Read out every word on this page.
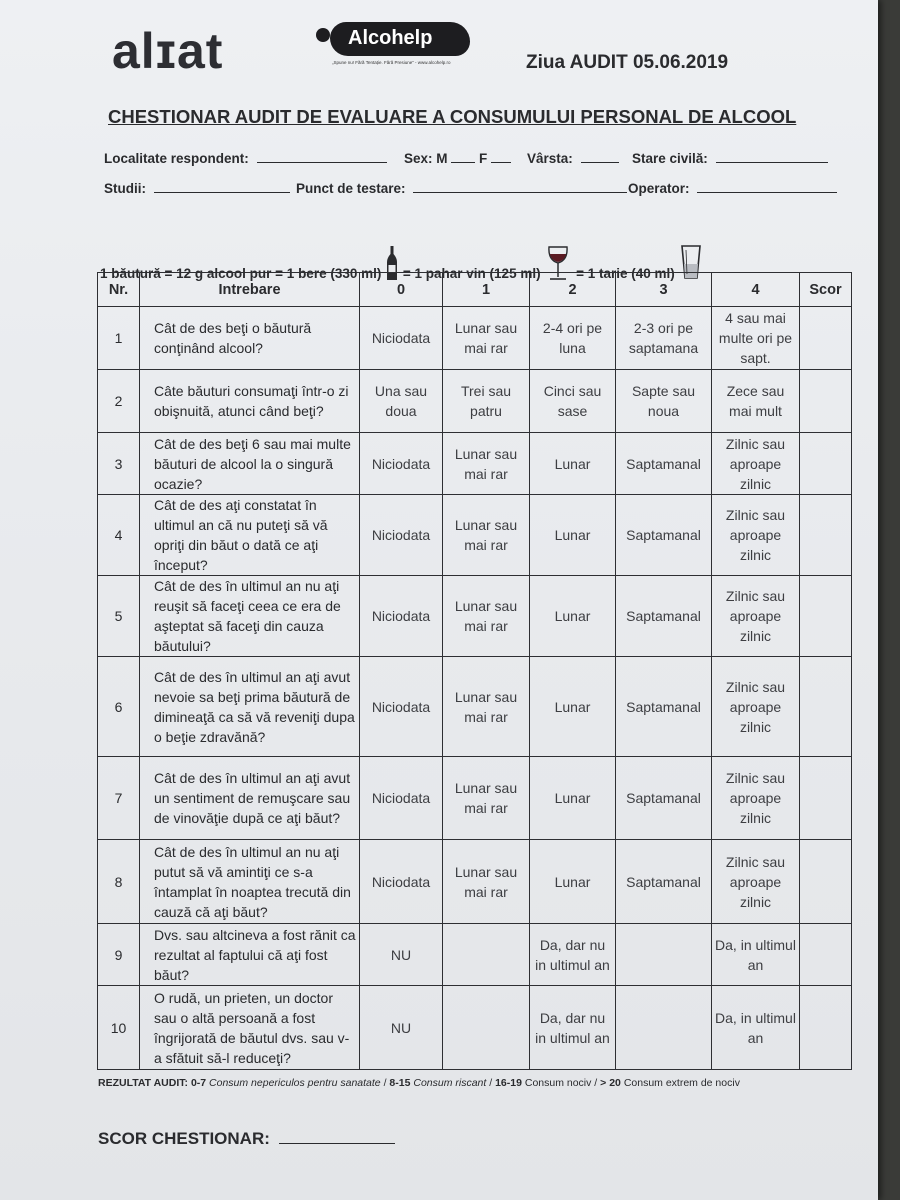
alɪat	Alcohelp
„Spune nu! Fără Tentație. Fără Presiune“ - www.alcohelp.ro	Ziua AUDIT 05.06.2019
CHESTIONAR AUDIT DE EVALUARE A CONSUMULUI PERSONAL DE ALCOOL
Localitate respondent:	Sex: M F	Vârsta:	Stare civilă:
Studii:	Punct de testare:	Operator:
1 băutură = 12 g alcool pur = 1 bere (330 ml) = 1 pahar vin (125 ml)	= 1 tarie (40 ml)
Nr.	Intrebare	0	1	2	3	4	Scor
1	Cât de des beţi o băutură conţinând alcool?	Niciodata	Lunar sau mai rar	2-4 ori pe luna	2-3 ori pe saptamana	4 sau mai multe ori pe sapt.	
2	Câte băuturi consumaţi într-o zi obişnuită, atunci când beţi?	Una sau doua	Trei sau patru	Cinci sau sase	Sapte sau noua	Zece sau mai mult	
3	Cât de des beţi 6 sau mai multe băuturi de alcool la o singură ocazie?	Niciodata	Lunar sau mai rar	Lunar	Saptamanal	Zilnic sau aproape zilnic	
4	Cât de des aţi constatat în ultimul an că nu puteţi să vă opriţi din băut o dată ce aţi început?	Niciodata	Lunar sau mai rar	Lunar	Saptamanal	Zilnic sau aproape zilnic	
5	Cât de des în ultimul an nu aţi reuşit să faceţi ceea ce era de aşteptat să faceţi din cauza băutului?	Niciodata	Lunar sau mai rar	Lunar	Saptamanal	Zilnic sau aproape zilnic	
6	Cât de des în ultimul an aţi avut nevoie sa beţi prima băutură de dimineaţă ca să vă reveniţi dupa o beţie zdravănă?	Niciodata	Lunar sau mai rar	Lunar	Saptamanal	Zilnic sau aproape zilnic	
7	Cât de des în ultimul an aţi avut un sentiment de remuşcare sau de vinovăţie după ce aţi băut?	Niciodata	Lunar sau mai rar	Lunar	Saptamanal	Zilnic sau aproape zilnic	
8	Cât de des în ultimul an nu aţi putut să vă amintiţi ce s-a întamplat în noaptea trecută din cauză că aţi băut?	Niciodata	Lunar sau mai rar	Lunar	Saptamanal	Zilnic sau aproape zilnic	
9	Dvs. sau altcineva a fost rănit ca rezultat al faptului că aţi fost băut?	NU		Da, dar nu in ultimul an		Da, in ultimul an	
10	O rudă, un prieten, un doctor sau o altă persoană a fost îngrijorată de băutul dvs. sau v-a sfătuit să-l reduceţi?	NU		Da, dar nu in ultimul an		Da, in ultimul an	
REZULTAT AUDIT: 0-7 Consum nepericulos pentru sanatate / 8-15 Consum riscant / 16-19 Consum nociv / > 20 Consum extrem de nociv
SCOR CHESTIONAR:
